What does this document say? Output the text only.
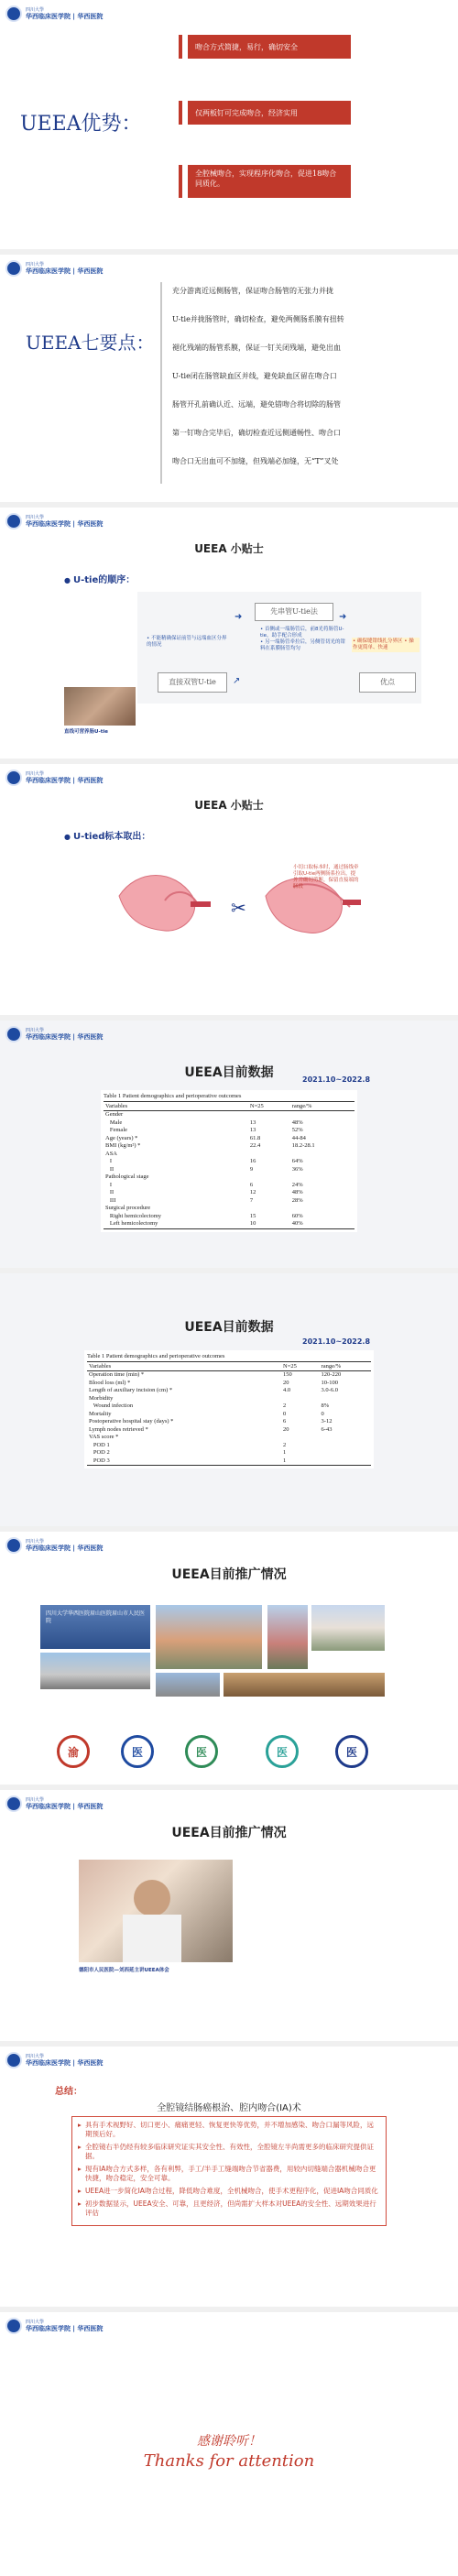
四川大學
华西临床医学院 | 华西医院
UEEA优势：
吻合方式简捷，易行，确切安全
仅两板钉可完成吻合，经济实用
全腔械吻合，实现程序化吻合，促进18吻合同质化。
四川大學
华西临床医学院 | 华西医院
UEEA七要点：
充分游离近远侧肠管，保证吻合肠管的无张力并拢
U-tie并拢肠管时，确切检查，避免两侧肠系膜有扭转
褪化残端的肠管系膜，保证一钉关闭残端，避免出血
U-tie闭在肠管缺血区并线，避免缺血区留在吻合口
肠管开孔前确认近、远端，避免错吻合将切除的肠管
第一钉吻合完毕后，确切检查近远侧通畅性、吻合口
吻合口无出血可不加缝，但残端必加缝，无“T”叉处
四川大學
华西临床医学院 | 华西医院
UEEA 小贴士
● U-tie的顺序：
直接双管U-tie
先串管U-tie法
优点
• 不能精确保证前管与远端血区分界的情况
• 首侧或一端肠管后，前8光将肠管U-tie，助手配合形成
• 另一端肠管牵拉后，另侧管切光的钳料在系膜肠管均匀
• 确保缝钳线扎分界区 • 操作更简单、快速
➜	➜
↗
直线可营养肠U-tie
四川大學
华西临床医学院 | 华西医院
UEEA 小贴士
● U-tied标本取出：
✂
小切口取标本时，通过肠线牵引取U-tie两侧肠系拉出，提外并确切剪断，保留直接端的肠段
四川大學
华西临床医学院 | 华西医院
UEEA目前数据	2021.10~2022.8
Table 1 Patient demographics and perioperative outcomes
Variables	N=25	range/%
Gender		
Male	13	48%
Female	13	52%
Age (years) *	61.8	44-84
BMI (kg/m²) *	22.4	18.2-28.1
ASA		
I	16	64%
II	9	36%
Pathological stage		
I	6	24%
II	12	48%
III	7	28%
Surgical procedure		
Right hemicolectomy	15	60%
Left hemicolectomy	10	40%
UEEA目前数据
2021.10~2022.8
Table 1 Patient demographics and perioperative outcomes
Variables	N=25	range/%
Operation time (min) *	150	120-220
Blood loss (ml) *	20	10-100
Length of auxiliary incision (cm) *	4.0	3.0-6.0
Morbidity		
Wound infection	2	8%
Mortality	0	0
Postoperative hospital stay (days) *	6	3-12
Lymph nodes retrieved *	20	6-43
VAS score *		
POD 1	2	
POD 2	1	
POD 3	1	
四川大學
华西临床医学院 | 华西医院
UEEA目前推广情况
四川大学华西医院眉山医院眉山市人民医院
渝	医	医	医	医
四川大學
华西临床医学院 | 华西医院
UEEA目前推广情况
德阳市人民医院—刘西延主讲UEEA体会
四川大學
华西临床医学院 | 华西医院
总结：
全腔镜结肠癌根治、腔内吻合(IA)术
▸ 具有手术视野好、切口更小、痛痛更轻、恢复更快等优势，并不增加感染、吻合口漏等风险，远期预后好。
▸ 全腔镜右半仍经有较多临床研究证实其安全性、有效性，全腔镜左半尚需更多的临床研究提供证据。
▸ 现有IA吻合方式多样，各有利弊，手工/半手工缝端吻合节省器费，用较内切缝端合器机械吻合更快捷，吻合稳定，安全可靠。
▸ UEEA进一步简化IA吻合过程，降低吻合难度，全机械吻合，使手术更程序化，促进IA吻合同质化
▸ 初步数据显示，UEEA安全、可靠，且更经济，但尚需扩大样本对UEEA的安全性、远期效果进行评估
四川大學
华西临床医学院 | 华西医院
感谢聆听！
Thanks for attention
